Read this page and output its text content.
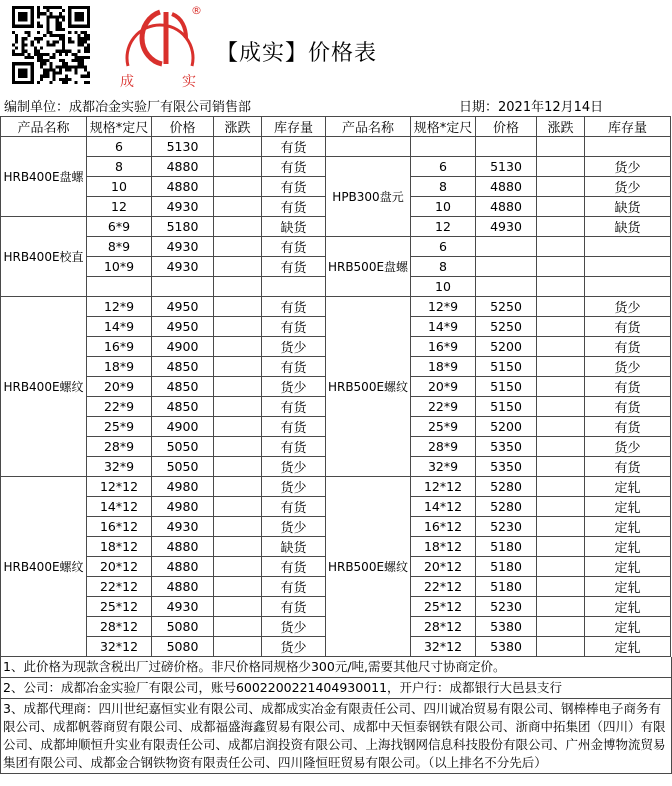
®
成	实
【成实】价格表
编制单位：成都冶金实验厂有限公司销售部	日期：2021年12月14日
产品名称	规格*定尺	价格	涨跌	库存量	产品名称	规格*定尺	价格	涨跌	库存量
HRB400E盘螺	6	5130		有货					
	8	4880		有货	HPB300盘元	6	5130		货少
	10	4880		有货		8	4880		货少
	12	4930		有货		10	4880		缺货
HRB400E校直	6*9	5180		缺货		12	4930		缺货
	8*9	4930		有货	HRB500E盘螺	6			
	10*9	4930		有货		8			
						10			
HRB400E螺纹	12*9	4950		有货	HRB500E螺纹	12*9	5250		货少
	14*9	4950		有货		14*9	5250		有货
	16*9	4900		货少		16*9	5200		有货
	18*9	4850		有货		18*9	5150		货少
	20*9	4850		货少		20*9	5150		有货
	22*9	4850		有货		22*9	5150		有货
	25*9	4900		有货		25*9	5200		有货
	28*9	5050		有货		28*9	5350		货少
	32*9	5050		货少		32*9	5350		有货
HRB400E螺纹	12*12	4980		货少	HRB500E螺纹	12*12	5280		定轧
	14*12	4980		有货		14*12	5280		定轧
	16*12	4930		货少		16*12	5230		定轧
	18*12	4880		缺货		18*12	5180		定轧
	20*12	4880		有货		20*12	5180		定轧
	22*12	4880		有货		22*12	5180		定轧
	25*12	4930		有货		25*12	5230		定轧
	28*12	5080		货少		28*12	5380		定轧
	32*12	5080		货少		32*12	5380		定轧
1、此价格为现款含税出厂过磅价格。非尺价格同规格少300元/吨,需要其他尺寸协商定价。
2、公司：成都冶金实验厂有限公司，账号6002200221404930011，开户行：成都银行大邑县支行
3、成都代理商：四川世纪嘉恒实业有限公司、成都成实冶金有限责任公司、四川诚冶贸易有限公司、钢棒棒电子商务有限公司、成都帆蓉商贸有限公司、成都福盛海鑫贸易有限公司、成都中天恒泰钢铁有限公司、浙商中拓集团（四川）有限公司、成都坤顺恒升实业有限责任公司、成都启润投资有限公司、上海找钢网信息科技股份有限公司、广州金博物流贸易集团有限公司、成都金合钢铁物资有限责任公司、四川隆恒旺贸易有限公司。（以上排名不分先后）
